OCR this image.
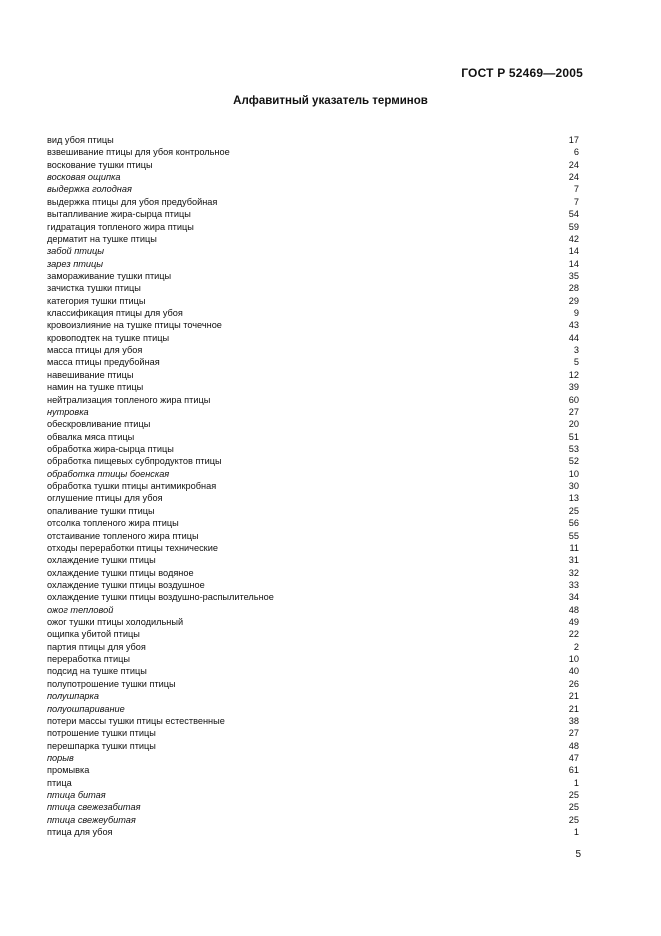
ГОСТ Р 52469—2005
Алфавитный указатель терминов
вид убоя птицы	17
взвешивание птицы для убоя контрольное	6
воскование тушки птицы	24
восковая ощипка	24
выдержка голодная	7
выдержка птицы для убоя предубойная	7
вытапливание жира-сырца птицы	54
гидратация топленого жира птицы	59
дерматит на тушке птицы	42
забой птицы	14
зарез птицы	14
замораживание тушки птицы	35
зачистка тушки птицы	28
категория тушки птицы	29
классификация птицы для убоя	9
кровоизлияние на тушке птицы точечное	43
кровоподтек на тушке птицы	44
масса птицы для убоя	3
масса птицы предубойная	5
навешивание птицы	12
намин на тушке птицы	39
нейтрализация топленого жира птицы	60
нутровка	27
обескровливание птицы	20
обвалка мяса птицы	51
обработка жира-сырца птицы	53
обработка пищевых субпродуктов птицы	52
обработка птицы боенская	10
обработка тушки птицы антимикробная	30
оглушение птицы для убоя	13
опаливание тушки птицы	25
отсолка топленого жира птицы	56
отстаивание топленого жира птицы	55
отходы переработки птицы технические	11
охлаждение тушки птицы	31
охлаждение тушки птицы водяное	32
охлаждение тушки птицы воздушное	33
охлаждение тушки птицы воздушно-распылительное	34
ожог тепловой	48
ожог тушки птицы холодильный	49
ощипка убитой птицы	22
партия птицы для убоя	2
переработка птицы	10
подсид на тушке птицы	40
полупотрошение тушки птицы	26
полушпарка	21
полуошпаривание	21
потери массы тушки птицы естественные	38
потрошение тушки птицы	27
перешпарка тушки птицы	48
порыв	47
промывка	61
птица	1
птица битая	25
птица свежезабитая	25
птица свежеубитая	25
птица для убоя	1
5
